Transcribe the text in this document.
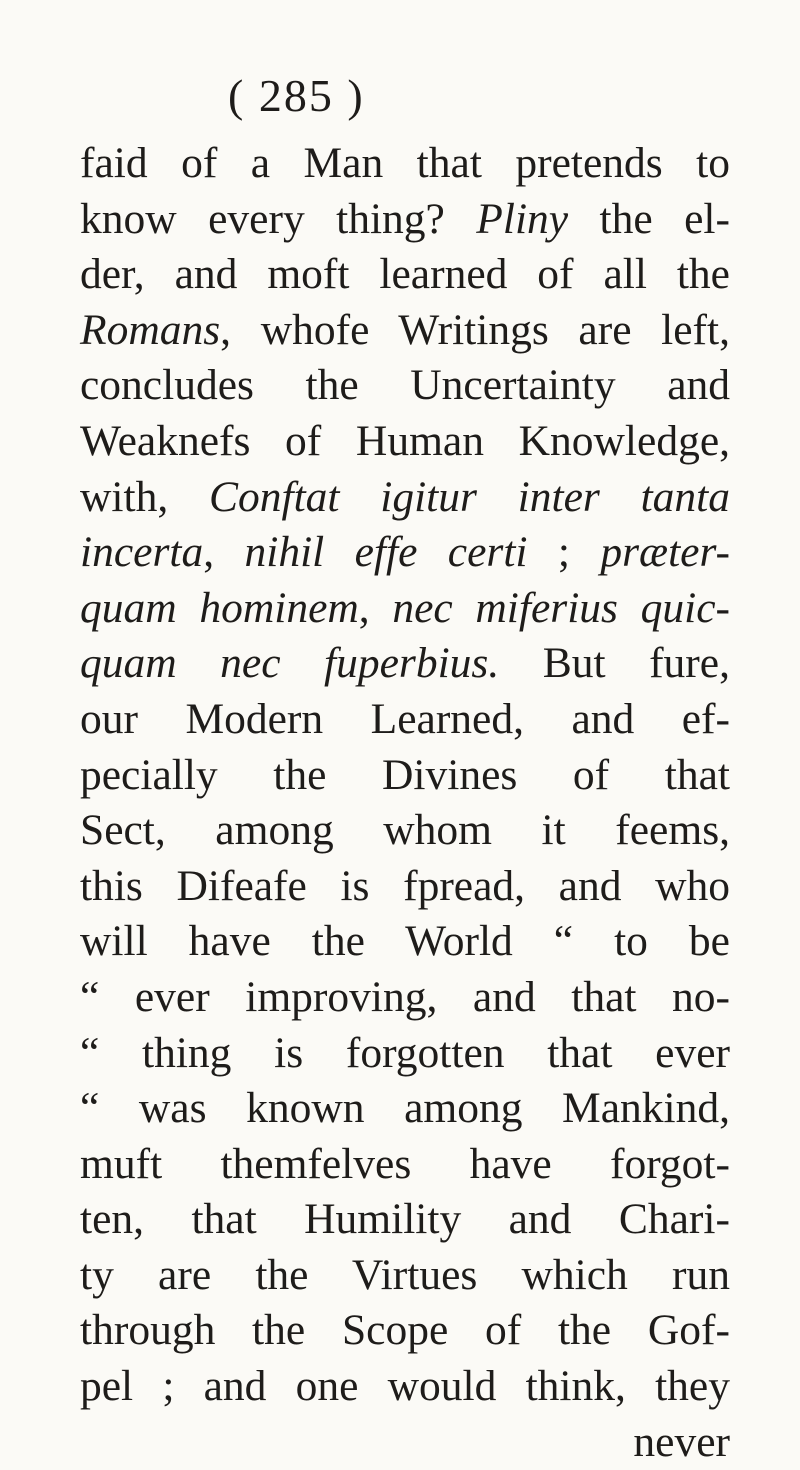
( 285 )
faid of a Man that pretends to
know every thing? Pliny the el-
der, and moft learned of all the
Romans, whofe Writings are left,
concludes the Uncertainty and
Weaknefs of Human Knowledge,
with, Conftat igitur inter tanta
incerta, nihil effe certi ; præter-
quam hominem, nec miferius quic-
quam nec fuperbius. But fure,
our Modern Learned, and ef-
pecially the Divines of that
Sect, among whom it feems,
this Difeafe is fpread, and who
will have the World “ to be
“ ever improving, and that no-
“ thing is forgotten that ever
“ was known among Mankind,
muft themfelves have forgot-
ten, that Humility and Chari-
ty are the Virtues which run
through the Scope of the Gof-
pel ; and one would think, they
never
